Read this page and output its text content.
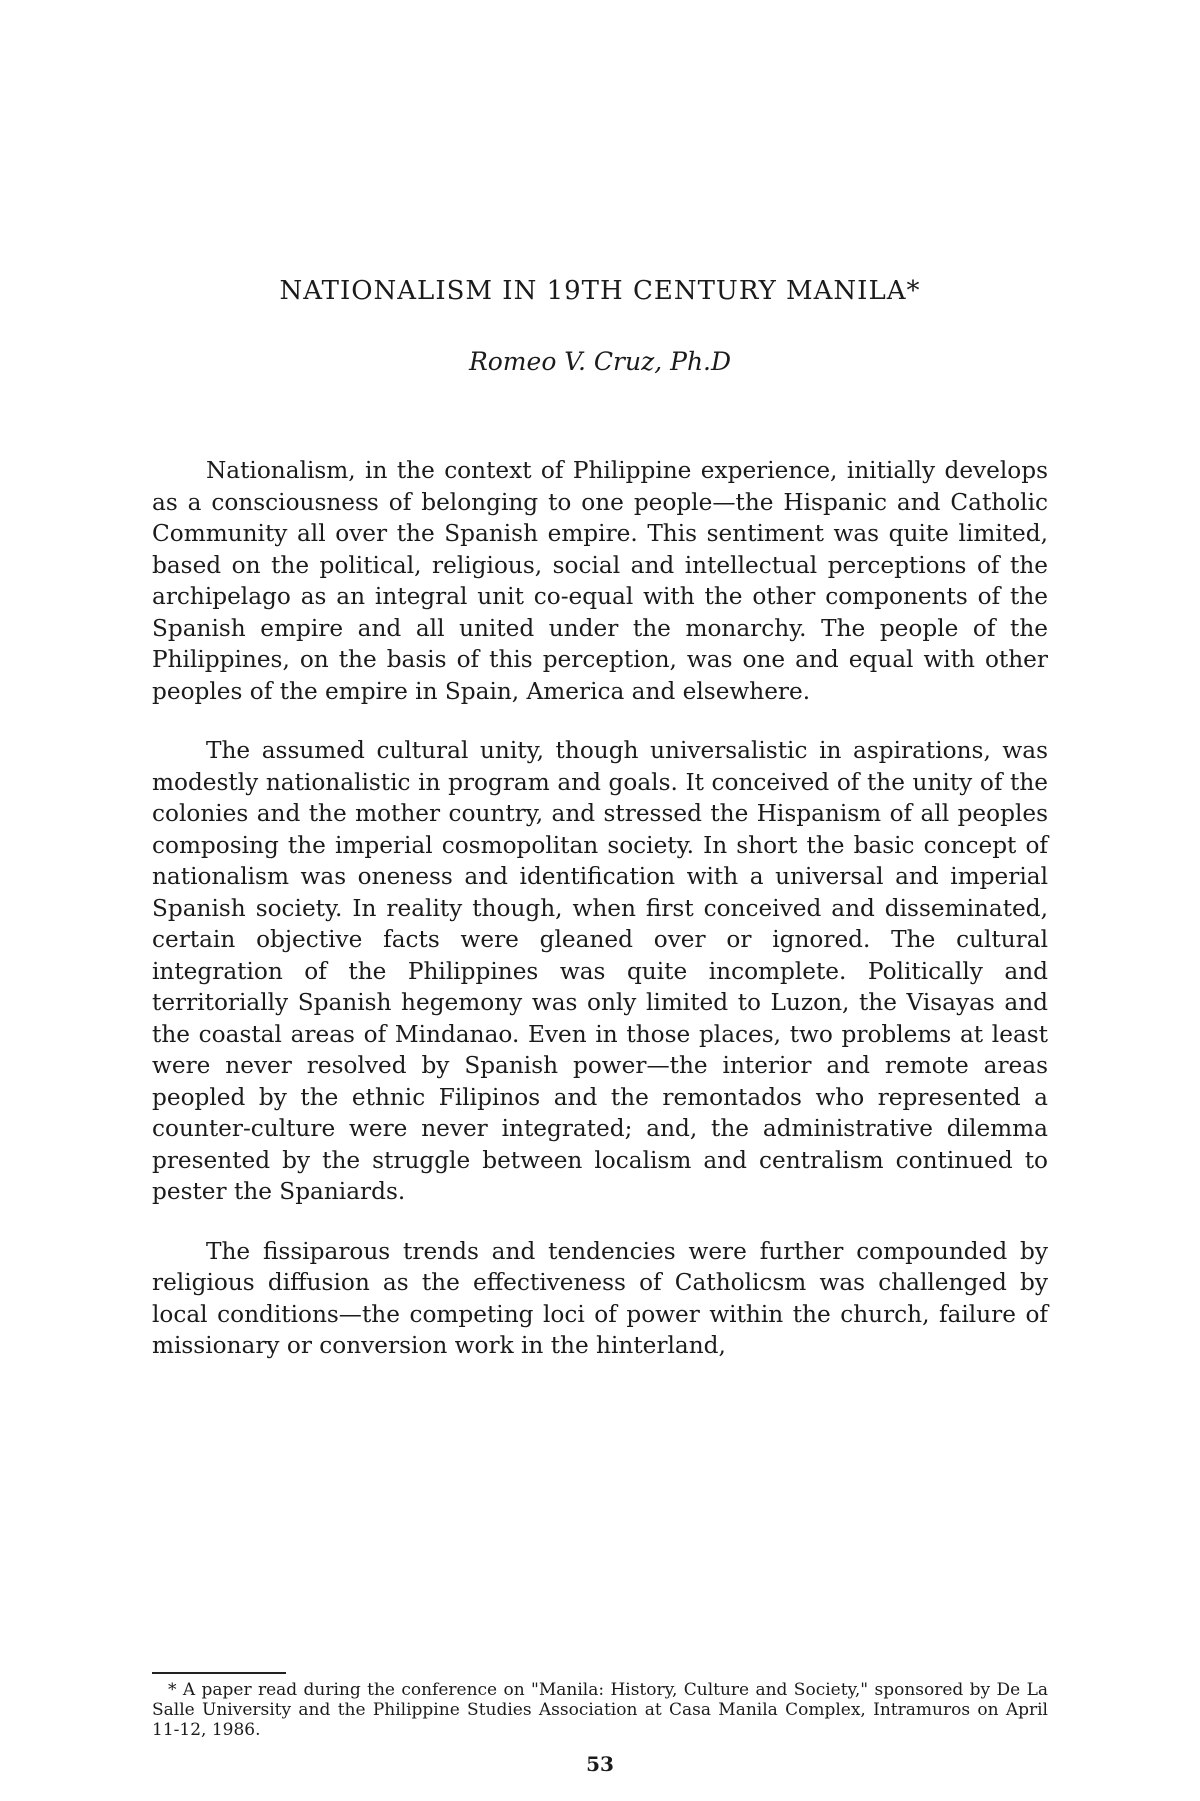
NATIONALISM IN 19TH CENTURY MANILA*

Romeo V. Cruz, Ph.D

Nationalism, in the context of Philippine experience, initially develops as a consciousness of belonging to one people—the Hispanic and Catholic Community all over the Spanish empire. This sentiment was quite limited, based on the political, religious, social and intellectual perceptions of the archipelago as an integral unit co-equal with the other components of the Spanish empire and all united under the monarchy. The people of the Philippines, on the basis of this perception, was one and equal with other peoples of the empire in Spain, America and elsewhere.

The assumed cultural unity, though universalistic in aspirations, was modestly nationalistic in program and goals. It conceived of the unity of the colonies and the mother country, and stressed the Hispanism of all peoples composing the imperial cosmopolitan society. In short the basic concept of nationalism was oneness and identification with a universal and imperial Spanish society. In reality though, when first conceived and disseminated, certain objective facts were gleaned over or ignored. The cultural integration of the Philippines was quite incomplete. Politically and territorially Spanish hegemony was only limited to Luzon, the Visayas and the coastal areas of Mindanao. Even in those places, two problems at least were never resolved by Spanish power—the interior and remote areas peopled by the ethnic Filipinos and the remontados who represented a counter-culture were never integrated; and, the administrative dilemma presented by the struggle between localism and centralism continued to pester the Spaniards.

The fissiparous trends and tendencies were further compounded by religious diffusion as the effectiveness of Catholicsm was challenged by local conditions—the competing loci of power within the church, failure of missionary or conversion work in the hinterland,

* A paper read during the conference on "Manila: History, Culture and Society," sponsored by De La Salle University and the Philippine Studies Association at Casa Manila Complex, Intramuros on April 11-12, 1986.

53
